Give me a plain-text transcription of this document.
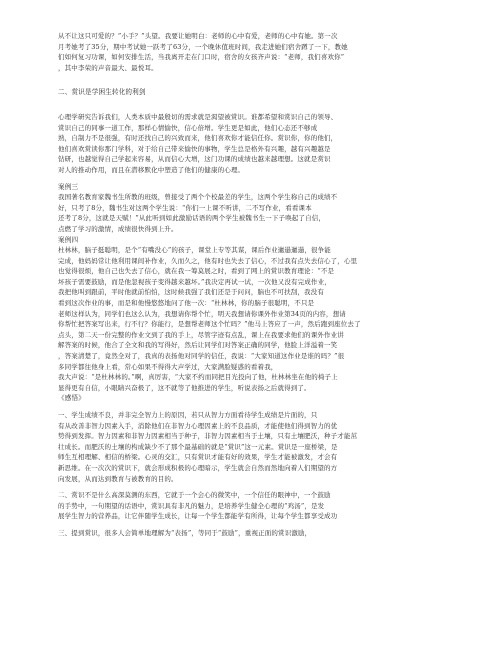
从不让这只可爱的？”小手？”头望。我要让她明白：老师的心中有爱，老师的心中有她。第一次
月考她考了35分，期中考试她一跃考了63分，一个晚休值班时间，我走进她们宿舍蹲了一下，教她
们如何复习功课，如何安排生活，当我离开走在门口时，宿舍的女孩齐声说：“老师，我们喜欢你”
，其中李荣的声音最大、最悦耳。
二、赏识是学困生转化的利剑
心理学研究告诉我们，人类本质中最殷切的需求就是渴望被赏识。谁都希望和赏识自己的领导、
赏识自己的同事一道工作，那样心情愉快，信心倍增。学生更是如此，他们心态还不够成
熟，自制力不是很强，有时还找自己的兴致而来，他们喜欢你才能信任你。赏识你，你的他们，
他们喜欢赏读你那门学科，对于给自己带来愉快的事物，学生总是格外有兴趣，越有兴趣越是
钻研，也越觉得自己学起来容易，从而信心大增，这门功课的成绩也越来越理想。这就是赏识
对人的推动作用，而且在潜移默化中塑造了他们的健康的心理。
案例三
我国著名教育家魏书生所教的班级，曾接受了两个个校最差的学生，这两个学生称自己的成绩不
好，只考了8分，魏书生对这两个学生说：“你们一上课不听讲，二不写作业，看看课本
还考了8分，这就是天赋！”从此听到如此激励话语的两个学生被魏书生一下子唤起了自信，
点燃了学习的激情，成绩很快得到上升。
案例四
杜林林，脑子挺聪明，是个“有嘴没心”的孩子，课堂上专等其谋，课后作业邋遢邋遢，很争能
完成，他妈妈常让他利用课间补作业，久而久之，他有时也失去了信心，不过我有点失去信心了，心里
也觉得很烦，他自己也失去了信心，就在我一筹莫展之时，看到了网上的赏识教育理论：“不是
坏孩子需要鼓励，而是他忽视孩子变得越来越坏。”我决定再试一试，一次他又没有完成作业，
我把他叫到跟前，平时他就前怕怕，这时候我强了我们还是于问问，脑也不可扶刮，我没有
看到这次作业的事，而是和他慢悠悠地问了他一次：“杜林林，你的脑子很聪明，不只是
老师这样认为，同学们也这么认为，我想请你帮个忙，明天我想请你课外作业第34页的内容，想请
你帮忙把答案写出来，行不行？你能行，是想帮老师这个忙吗？”他马上答应了一声，然后跑到座位去了
点头，第二天一份完整的作业文到了我的手上，尽管字迹有点乱，课上在我要求他们的课外作业讲
解答案的时候，他合了全文和我的写得好，然后让同学们对答案正确的同学，他脸上洋溢着一笑
，答案清楚了，竟然全对了，我真的表扬他对同学的信任，我说：“大家知道这作业是谁的吗？”很
多同学都往他身上看，常心如果不得得大声学过，大家满脸疑惑的看着我，
我大声说：“是杜林林的。”啊，真厉害，“大家不约而同把目光投向了他，杜林林坐在他的椅子上
显得更有自信，小眼睛兴奋极了，这不就等了他推进的学生，听说表扬之后就得到了。
《感悟》
一、学生成绩不良，并非完全智力上的原因，若只从智力方面看待学生成绩是片面的，只
有从改善非智力因素入手，消除他们在非智力心理因素上的不良品质，才能使他们得到智力的优
势得到发挥。智力因素和非智力因素相当于种子，非智力因素相当于土壤，只有土壤肥沃，种子才能茁
壮成长。而肥沃的土壤的构成缺少不了那个最基础的就是“赏识”这一元素。赏识是一座桥梁，是
师生互相理解、相信的桥梁。心灵的交汇，只有赏识才能有好的效果，学生才能被激发，才会有
新思维。在一次次的赏识下，就会形成积极的心理暗示，学生就会自然而然地向着人们期望的方
向发展，从而达到教育与被教育的目的。
二、赏识不是什么高深莫测的东西，它就于一个会心的微笑中，一个信任的眼神中，一个鼓励
的手势中，一句期望的话语中，赏识具有非凡的魅力，是培养学生健全心理的“鸡汤”，是发
展学生智力的营养品，让它伴随学生成长，让每一个学生都能学有所得，让每个学生都享受成功
三、提到赏识，很多人会简单地理解为“表扬”，等同于“鼓励”，重视正面的赏识激励，
